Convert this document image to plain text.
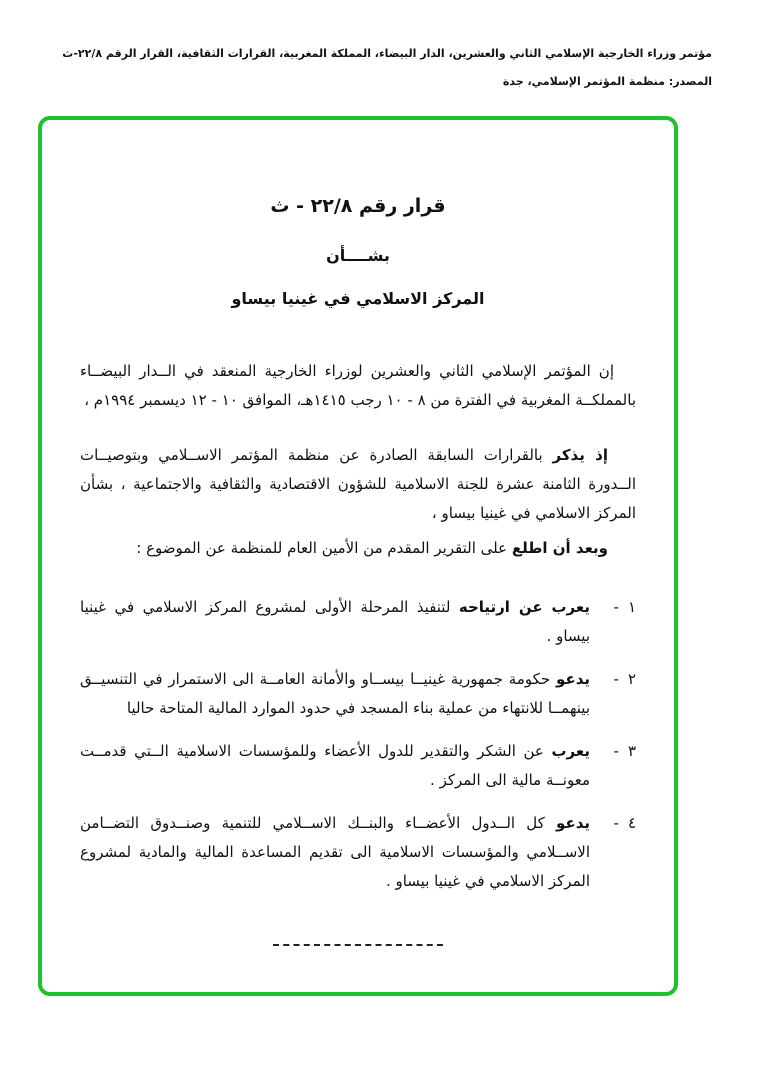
مؤتمر وزراء الخارجية الإسلامي الثاني والعشرين، الدار البيضاء، المملكة المغربية، القرارات الثقافية، القرار الرقم ٢٢/٨-ث
المصدر: منظمة المؤتمر الإسلامي، جدة
قرار رقم ٢٢/٨ - ث
بشــــأن
المركز الاسلامي في غينيا بيساو

إن المؤتمر الإسلامي الثاني والعشرين لوزراء الخارجية المنعقد في الــدار البيضــاء بالمملكــة المغربية في الفترة من ٨ - ١٠ رجب ١٤١٥هـ، الموافق ١٠ - ١٢ ديسمبر ١٩٩٤م ،

إذ يذكر بالقرارات السابقة الصادرة عن منظمة المؤتمر الاســلامي وبتوصيــات الــدورة الثامنة عشرة للجنة الاسلامية للشؤون الاقتصادية والثقافية والاجتماعية ، بشأن المركز الاسلامي في غينيا بيساو ،

وبعد أن اطلع على التقرير المقدم من الأمين العام للمنظمة عن الموضوع :

١
-
يعرب عن ارتياحه لتنفيذ المرحلة الأولى لمشروع المركز الاسلامي في غينيا بيساو .
٢
-
يدعو حكومة جمهورية غينيــا بيســاو والأمانة العامــة الى الاستمرار في التنسيــق بينهمــا للانتهاء من عملية بناء المسجد في حدود الموارد المالية المتاحة حاليا
٣
-
يعرب عن الشكر والتقدير للدول الأعضاء وللمؤسسات الاسلامية الــتي قدمــت معونــة مالية الى المركز .
٤
-
يدعو كل الــدول الأعضــاء والبنــك الاســلامي للتنمية وصنــدوق التضــامن الاســلامي والمؤسسات الاسلامية الى تقديم المساعدة المالية والمادية لمشروع المركز الاسلامي في غينيا بيساو .
